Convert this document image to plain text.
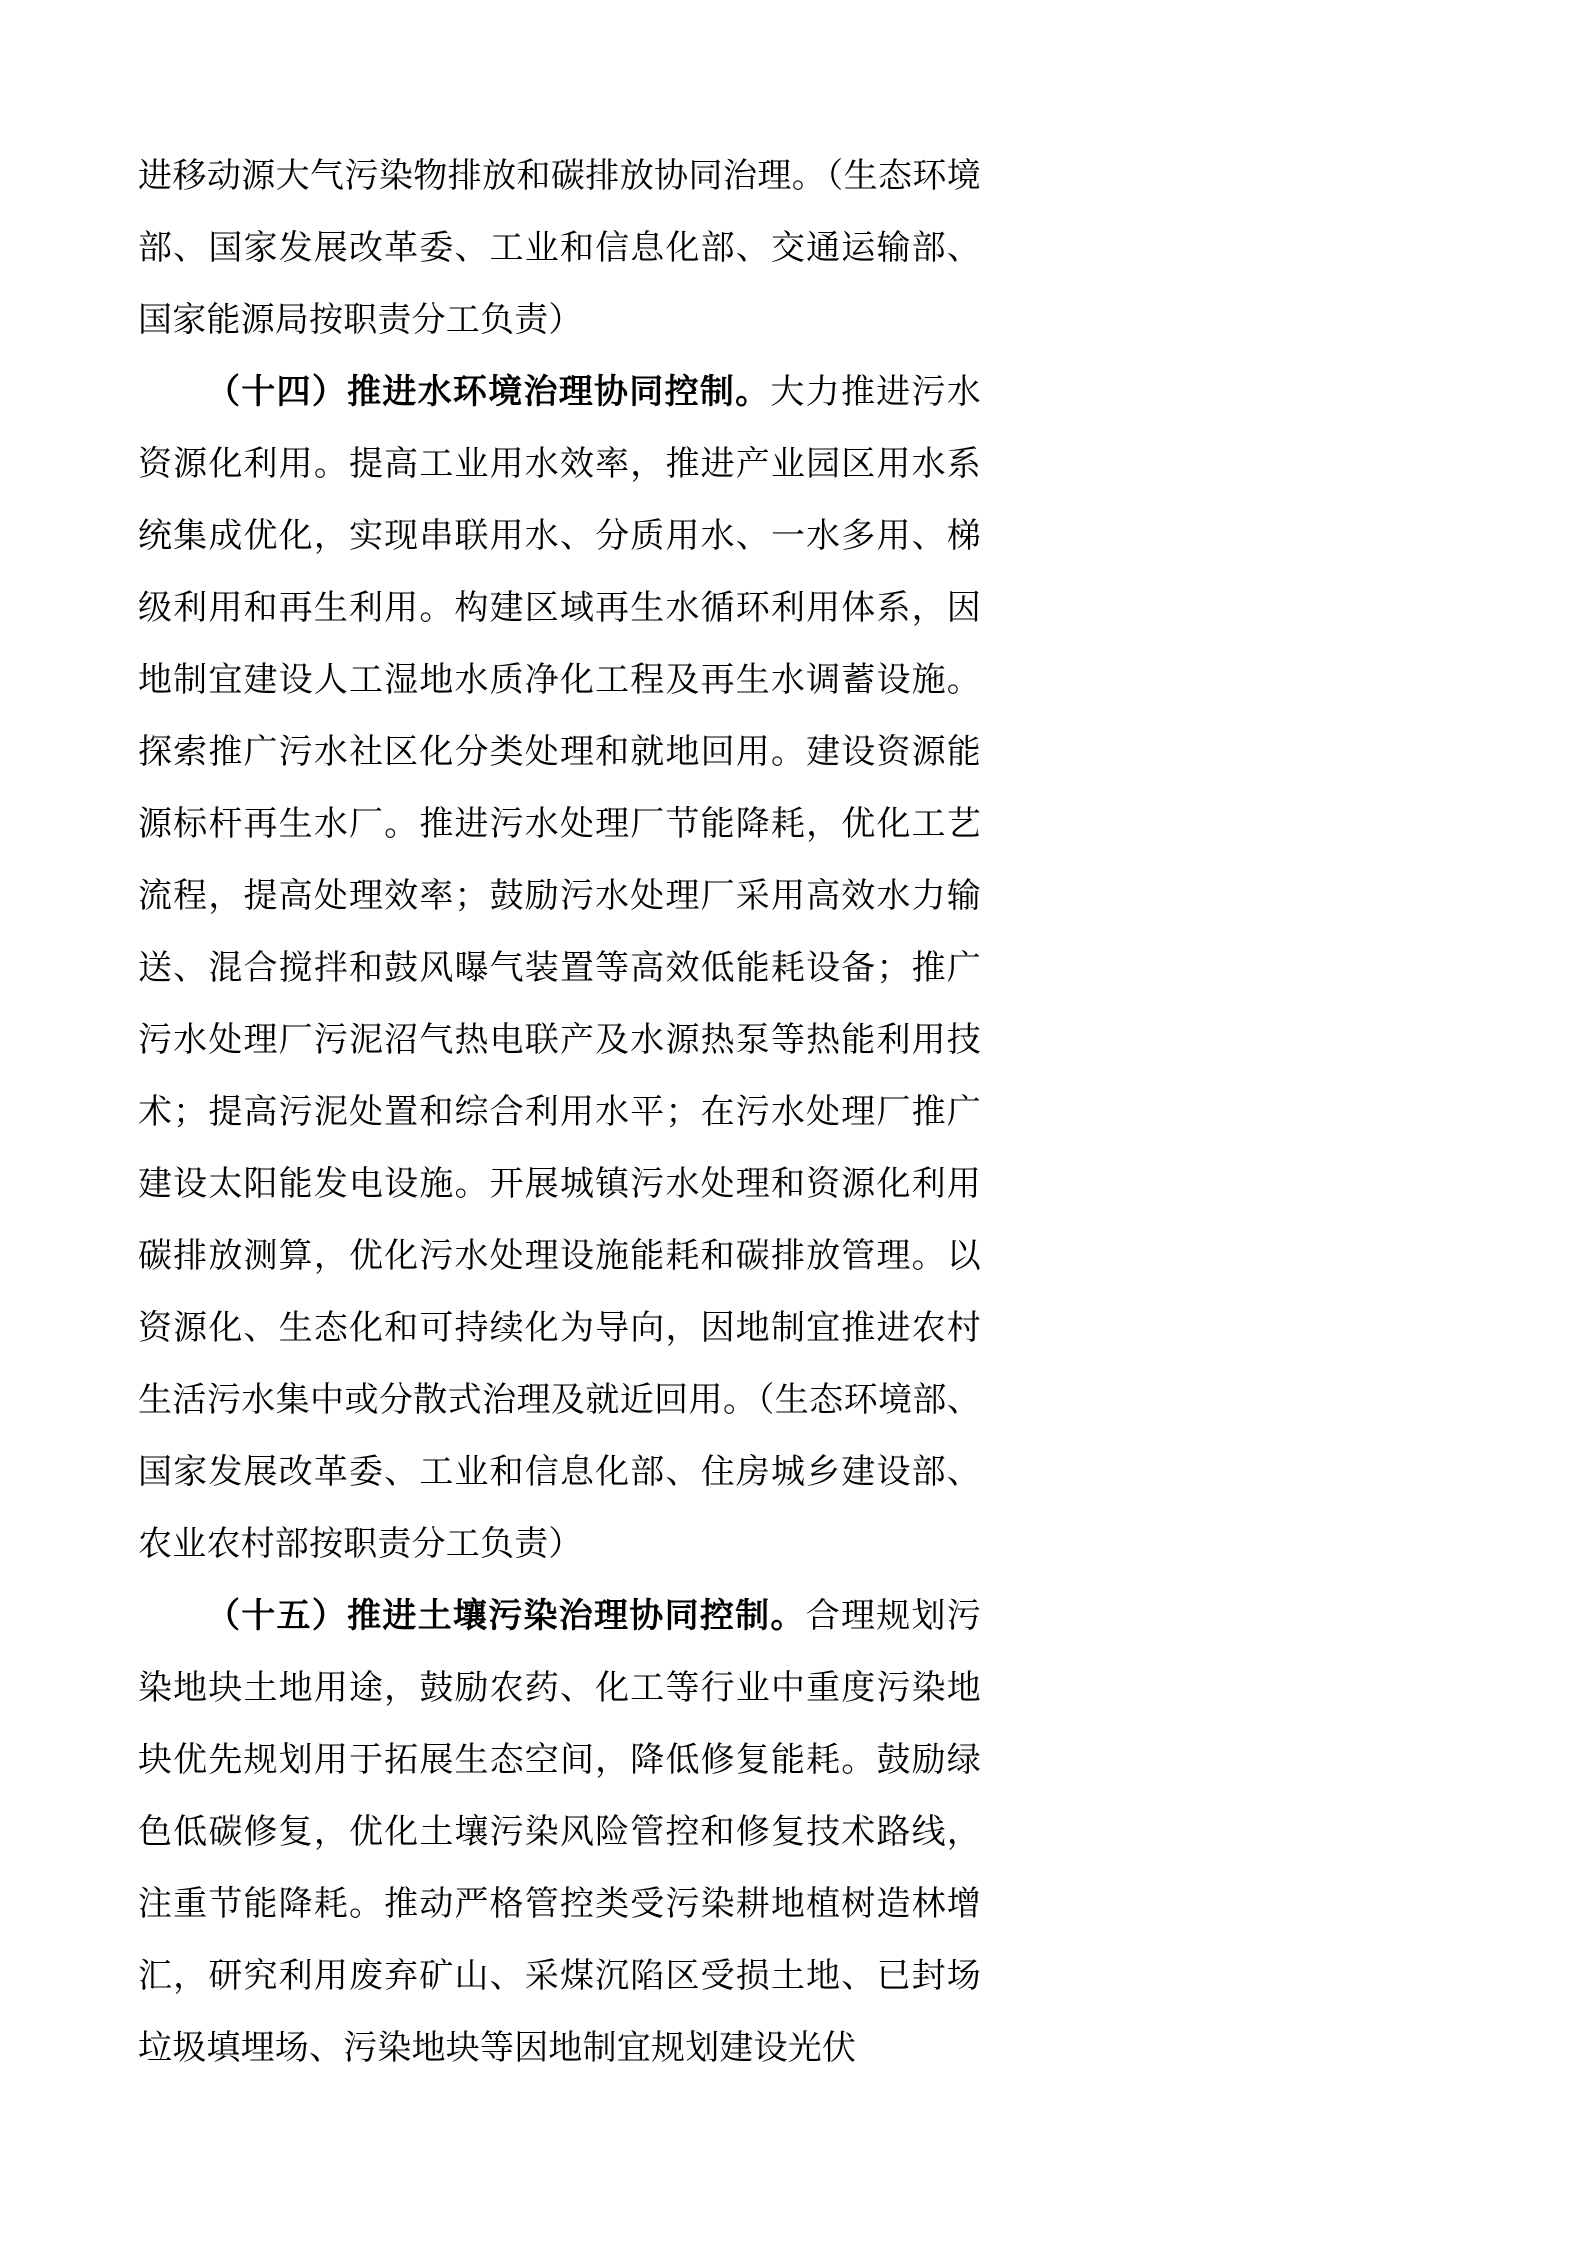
进移动源大气污染物排放和碳排放协同治理。（生态环境部、国家发展改革委、工业和信息化部、交通运输部、国家能源局按职责分工负责）

（十四）推进水环境治理协同控制。大力推进污水资源化利用。提高工业用水效率，推进产业园区用水系统集成优化，实现串联用水、分质用水、一水多用、梯级利用和再生利用。构建区域再生水循环利用体系，因地制宜建设人工湿地水质净化工程及再生水调蓄设施。探索推广污水社区化分类处理和就地回用。建设资源能源标杆再生水厂。推进污水处理厂节能降耗，优化工艺流程，提高处理效率；鼓励污水处理厂采用高效水力输送、混合搅拌和鼓风曝气装置等高效低能耗设备；推广污水处理厂污泥沼气热电联产及水源热泵等热能利用技术；提高污泥处置和综合利用水平；在污水处理厂推广建设太阳能发电设施。开展城镇污水处理和资源化利用碳排放测算，优化污水处理设施能耗和碳排放管理。以资源化、生态化和可持续化为导向，因地制宜推进农村生活污水集中或分散式治理及就近回用。（生态环境部、国家发展改革委、工业和信息化部、住房城乡建设部、农业农村部按职责分工负责）

（十五）推进土壤污染治理协同控制。合理规划污染地块土地用途，鼓励农药、化工等行业中重度污染地块优先规划用于拓展生态空间，降低修复能耗。鼓励绿色低碳修复，优化土壤污染风险管控和修复技术路线，注重节能降耗。推动严格管控类受污染耕地植树造林增汇，研究利用废弃矿山、采煤沉陷区受损土地、已封场垃圾填埋场、污染地块等因地制宜规划建设光伏
